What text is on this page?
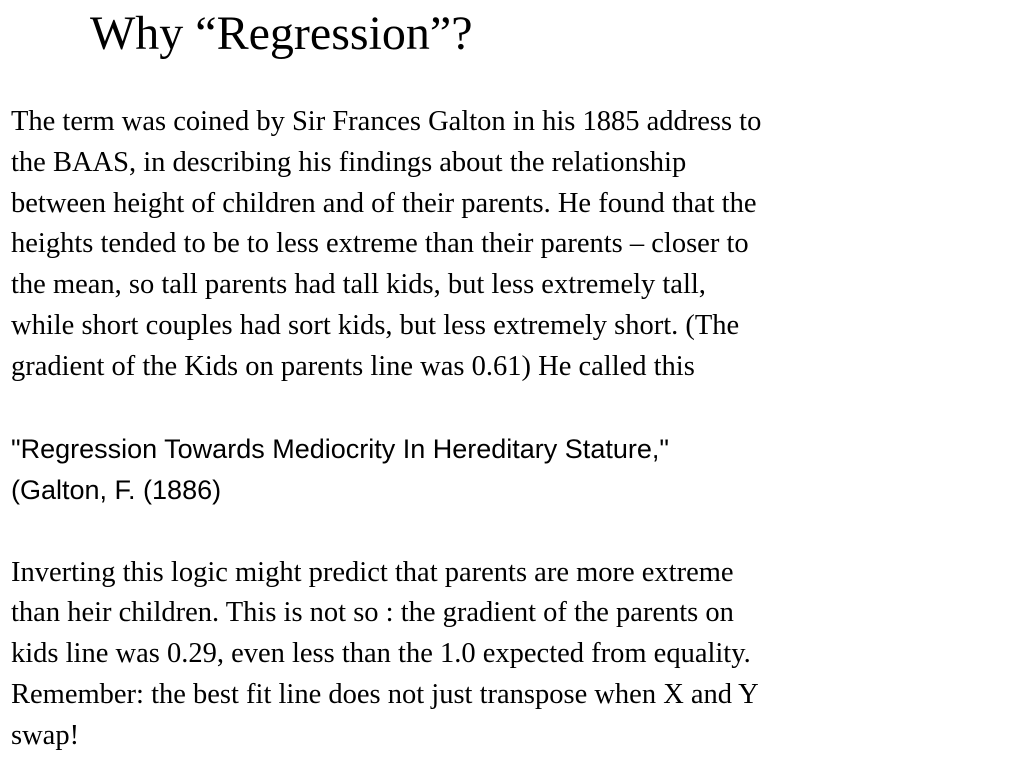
Why “Regression”?

The term was coined by Sir Frances Galton in his 1885 address to

the BAAS, in describing his findings about the relationship

between height of children and of their parents. He found that the

heights tended to be to less extreme than their parents – closer to

the mean, so tall parents had tall kids, but less extremely tall,

while short couples had sort kids, but less extremely short. (The

gradient of the Kids on parents line was 0.61) He called this

"Regression Towards Mediocrity In Hereditary Stature,"

(Galton, F. (1886)

Inverting this logic might predict that parents are more extreme

than heir children. This is not so : the gradient of the parents on

kids line was 0.29, even less than the 1.0 expected from equality.

Remember: the best fit line does not just transpose when X and Y

swap!
